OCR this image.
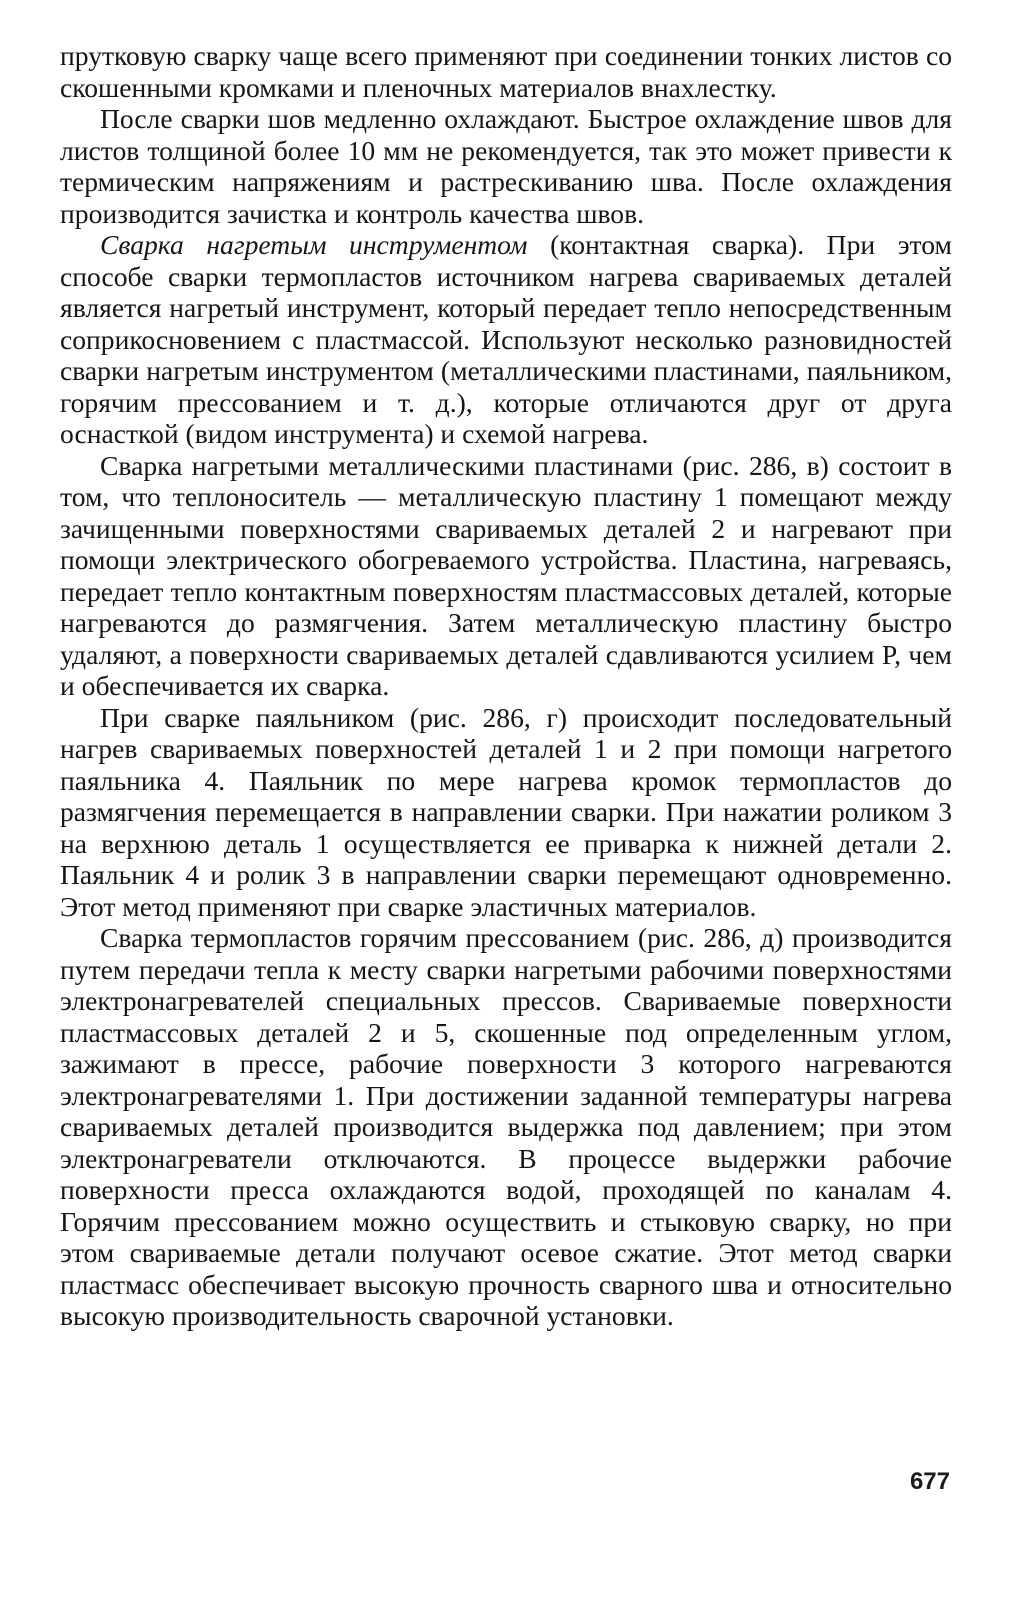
прутковую сварку чаще всего применяют при соединении тонких листов со скошенными кромками и пленочных материалов внахлестку.

После сварки шов медленно охлаждают. Быстрое охлаждение швов для листов толщиной более 10 мм не рекомендуется, так это может привести к термическим напряжениям и растрескиванию шва. После охлаждения производится зачистка и контроль качества швов.

Сварка нагретым инструментом (контактная сварка). При этом способе сварки термопластов источником нагрева свариваемых деталей является нагретый инструмент, который передает тепло непосредственным соприкосновением с пластмассой. Используют несколько разновидностей сварки нагретым инструментом (металлическими пластинами, паяльником, горячим прессованием и т. д.), которые отличаются друг от друга оснасткой (видом инструмента) и схемой нагрева.

Сварка нагретыми металлическими пластинами (рис. 286, в) состоит в том, что теплоноситель — металлическую пластину 1 помещают между зачищенными поверхностями свариваемых деталей 2 и нагревают при помощи электрического обогреваемого устройства. Пластина, нагреваясь, передает тепло контактным поверхностям пластмассовых деталей, которые нагреваются до размягчения. Затем металлическую пластину быстро удаляют, а поверхности свариваемых деталей сдавливаются усилием P, чем и обеспечивается их сварка.

При сварке паяльником (рис. 286, г) происходит последовательный нагрев свариваемых поверхностей деталей 1 и 2 при помощи нагретого паяльника 4. Паяльник по мере нагрева кромок термопластов до размягчения перемещается в направлении сварки. При нажатии роликом 3 на верхнюю деталь 1 осуществляется ее приварка к нижней детали 2. Паяльник 4 и ролик 3 в направлении сварки перемещают одновременно. Этот метод применяют при сварке эластичных материалов.

Сварка термопластов горячим прессованием (рис. 286, д) производится путем передачи тепла к месту сварки нагретыми рабочими поверхностями электронагревателей специальных прессов. Свариваемые поверхности пластмассовых деталей 2 и 5, скошенные под определенным углом, зажимают в прессе, рабочие поверхности 3 которого нагреваются электронагревателями 1. При достижении заданной температуры нагрева свариваемых деталей производится выдержка под давлением; при этом электронагреватели отключаются. В процессе выдержки рабочие поверхности пресса охлаждаются водой, проходящей по каналам 4. Горячим прессованием можно осуществить и стыковую сварку, но при этом свариваемые детали получают осевое сжатие. Этот метод сварки пластмасс обеспечивает высокую прочность сварного шва и относительно высокую производительность сварочной установки.

677
